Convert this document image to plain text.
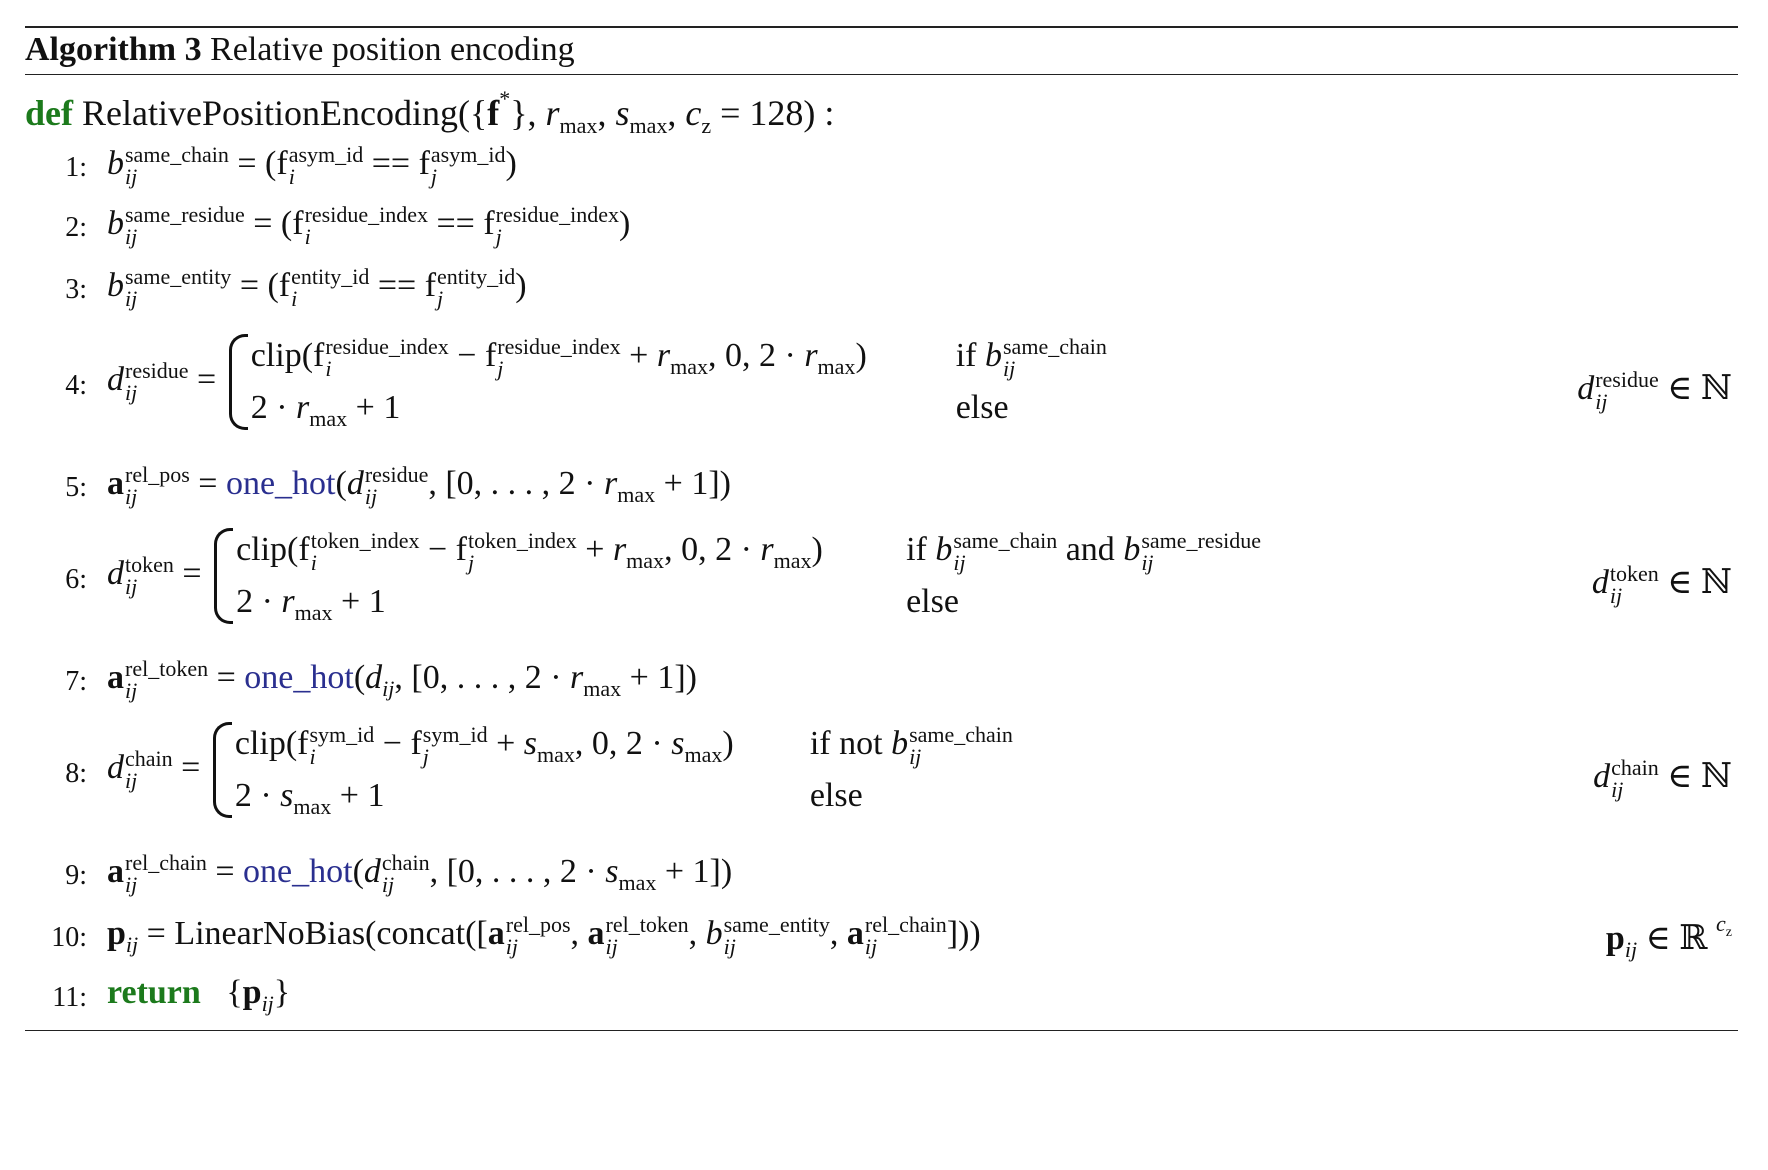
Algorithm 3 Relative position encoding
def RelativePositionEncoding({f*}, $r_{max}$, $s_{max}$, $c_z = 128$) :
1: b same_chain
ij	= (f asym_id
i	== f asym_id
j	)
2: b same_residue
ij	= (f residue_index
i	== f residue_index
j	)
3: b same_entity
ij	= (f entity_id
i	== f entity_id
j	)
4: d residue
ij	=
clip(f residue_index
i	− f residue_index
j	+ $r_{max}$, 0, $2 \cdot r_{max}$)	if b same_chain
ij
$2 \cdot r_{max} + 1$	else
d residue
ij	∈ ℕ
5: a rel_pos
ij	= one_hot(d residue
ij	, [0, . . . , $2 \cdot r_{max} + 1$])
6: d token
ij	=
clip(f token_index
i	− f token_index
j	+ $r_{max}$, 0, $2 \cdot r_{max}$)	if b same_chain
ij	and b same_residue
ij
$2 \cdot r_{max} + 1$	else
d token
ij	∈ ℕ
7: a rel_token
ij	= $one\_hot(d_{ij}$, [0, . . . , $2 \cdot r_{max} + 1$])
8: d chain
ij	=
clip(f sym_id
i	− f sym_id
j	+ $s_{max}$, 0, $2 \cdot s_{max}$)	if not b same_chain
ij
$2 \cdot s_{max} + 1$	else
d chain
ij	∈ ℕ
9: a rel_chain
ij	= one_hot(d chain
ij	, [0, . . . , $2 \cdot s_{max} + 1$])
10: $p_{ij}$ = LinearNoBias(concat([a rel_pos
ij	, a rel_token
ij	, b same_entity
ij	, a rel_chain
ij	]))	$p_{ij}$ ∈ ℝ $^{c_z}$
11: return   $\{p_{ij}\}$
